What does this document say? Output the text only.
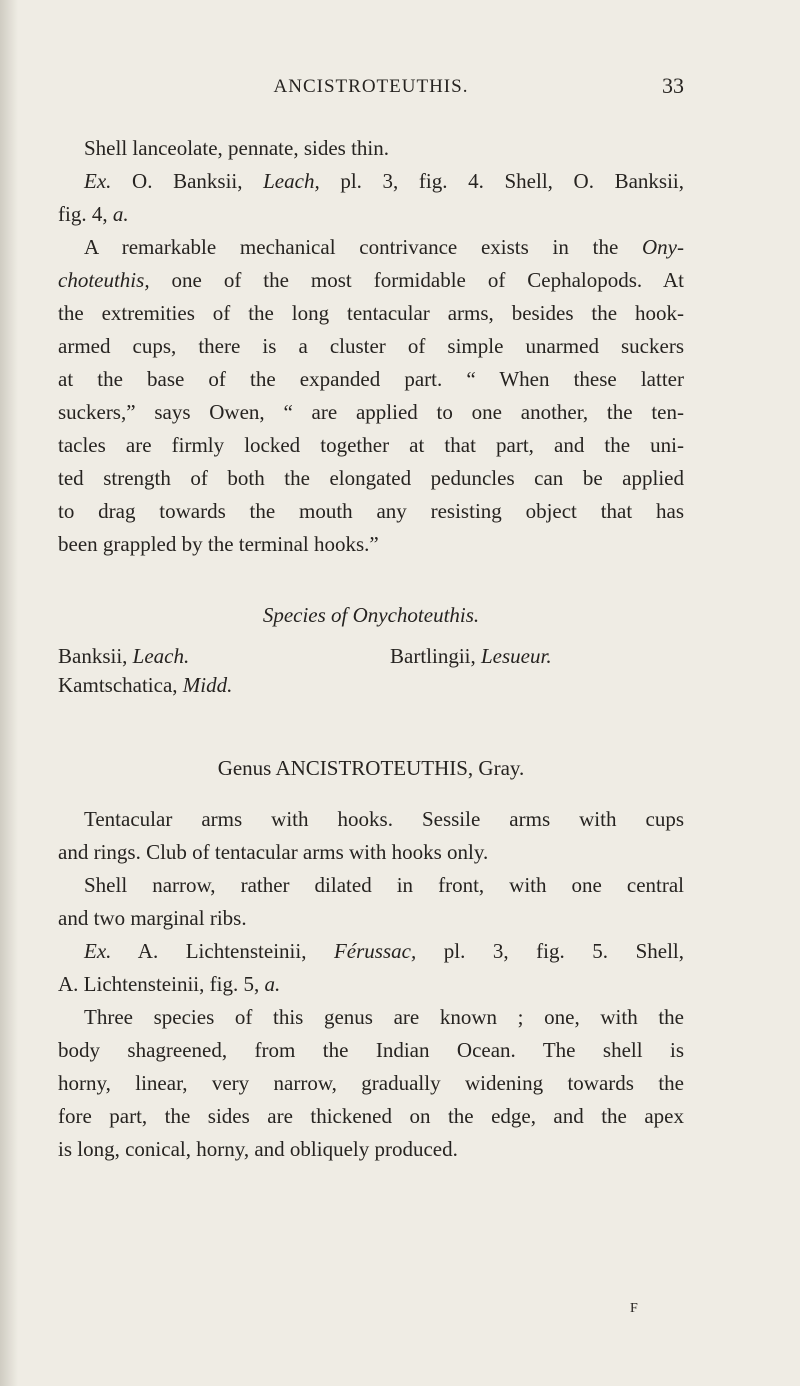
ANCISTROTEUTHIS.	33
Shell lanceolate, pennate, sides thin.
Ex. O. Banksii, Leach, pl. 3, fig. 4. Shell, O. Banksii,
fig. 4, a.
A remarkable mechanical contrivance exists in the Ony-
choteuthis, one of the most formidable of Cephalopods. At
the extremities of the long tentacular arms, besides the hook-
armed cups, there is a cluster of simple unarmed suckers
at the base of the expanded part. “ When these latter
suckers,” says Owen, “ are applied to one another, the ten-
tacles are firmly locked together at that part, and the uni-
ted strength of both the elongated peduncles can be applied
to drag towards the mouth any resisting object that has
been grappled by the terminal hooks.”
Species of Onychoteuthis.
Banksii, Leach.	Bartlingii, Lesueur.
Kamtschatica, Midd.
Genus ANCISTROTEUTHIS, Gray.
Tentacular arms with hooks. Sessile arms with cups
and rings. Club of tentacular arms with hooks only.
Shell narrow, rather dilated in front, with one central
and two marginal ribs.
Ex. A. Lichtensteinii, Férussac, pl. 3, fig. 5. Shell,
A. Lichtensteinii, fig. 5, a.
Three species of this genus are known ; one, with the
body shagreened, from the Indian Ocean. The shell is
horny, linear, very narrow, gradually widening towards the
fore part, the sides are thickened on the edge, and the apex
is long, conical, horny, and obliquely produced.
F
